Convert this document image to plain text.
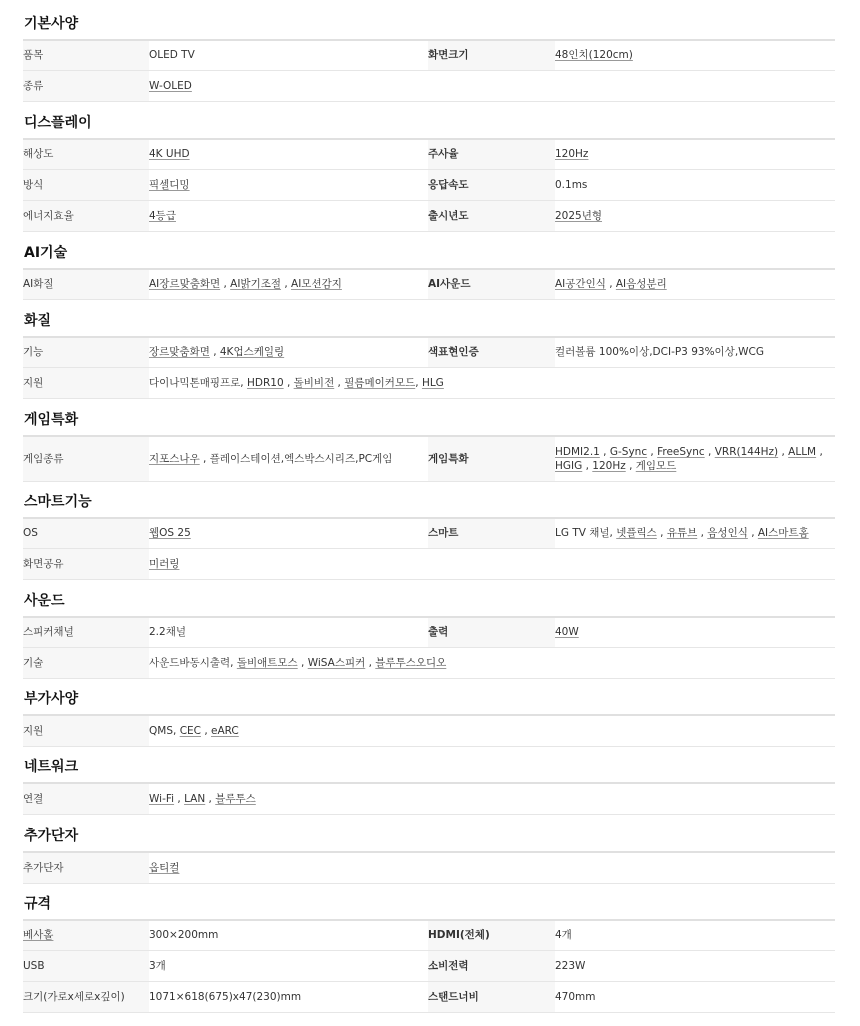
기본사양
품목	OLED TV	화면크기	48인치(120cm)
종류	W-OLED		
디스플레이
해상도	4K UHD	주사율	120Hz
방식	픽셀디밍	응답속도	0.1ms
에너지효율	4등급	출시년도	2025년형
AI기술
AI화질	AI장르맞춤화면 , AI밝기조절 , AI모션감지	AI사운드	AI공간인식 , AI음성분리
화질
기능	장르맞춤화면 , 4K업스케일링	색표현인증	컬러볼륨 100%이상,DCI-P3 93%이상,WCG
지원	다이나믹톤매핑프로, HDR10 , 돌비비전 , 필름메이커모드, HLG		
게임특화
게임종류	지포스나우 , 플레이스테이션,엑스박스시리즈,PC게임	게임특화	HDMI2.1 , G-Sync , FreeSync , VRR(144Hz) , ALLM , HGIG , 120Hz , 게임모드
스마트기능
OS	웹OS 25	스마트	LG TV 채널, 넷플릭스 , 유튜브 , 음성인식 , AI스마트홈
화면공유	미러링		
사운드
스피커채널	2.2채널	출력	40W
기술	사운드바동시출력, 돌비애트모스 , WiSA스피커 , 블루투스오디오		
부가사양
지원	QMS, CEC , eARC
네트워크
연결	Wi-Fi , LAN , 블루투스
추가단자
추가단자	옵티컬
규격
베사홀	300×200mm	HDMI(전체)	4개
USB	3개	소비전력	223W
크기(가로x세로x깊이)	1071×618(675)x47(230)mm	스탠드너비	470mm
